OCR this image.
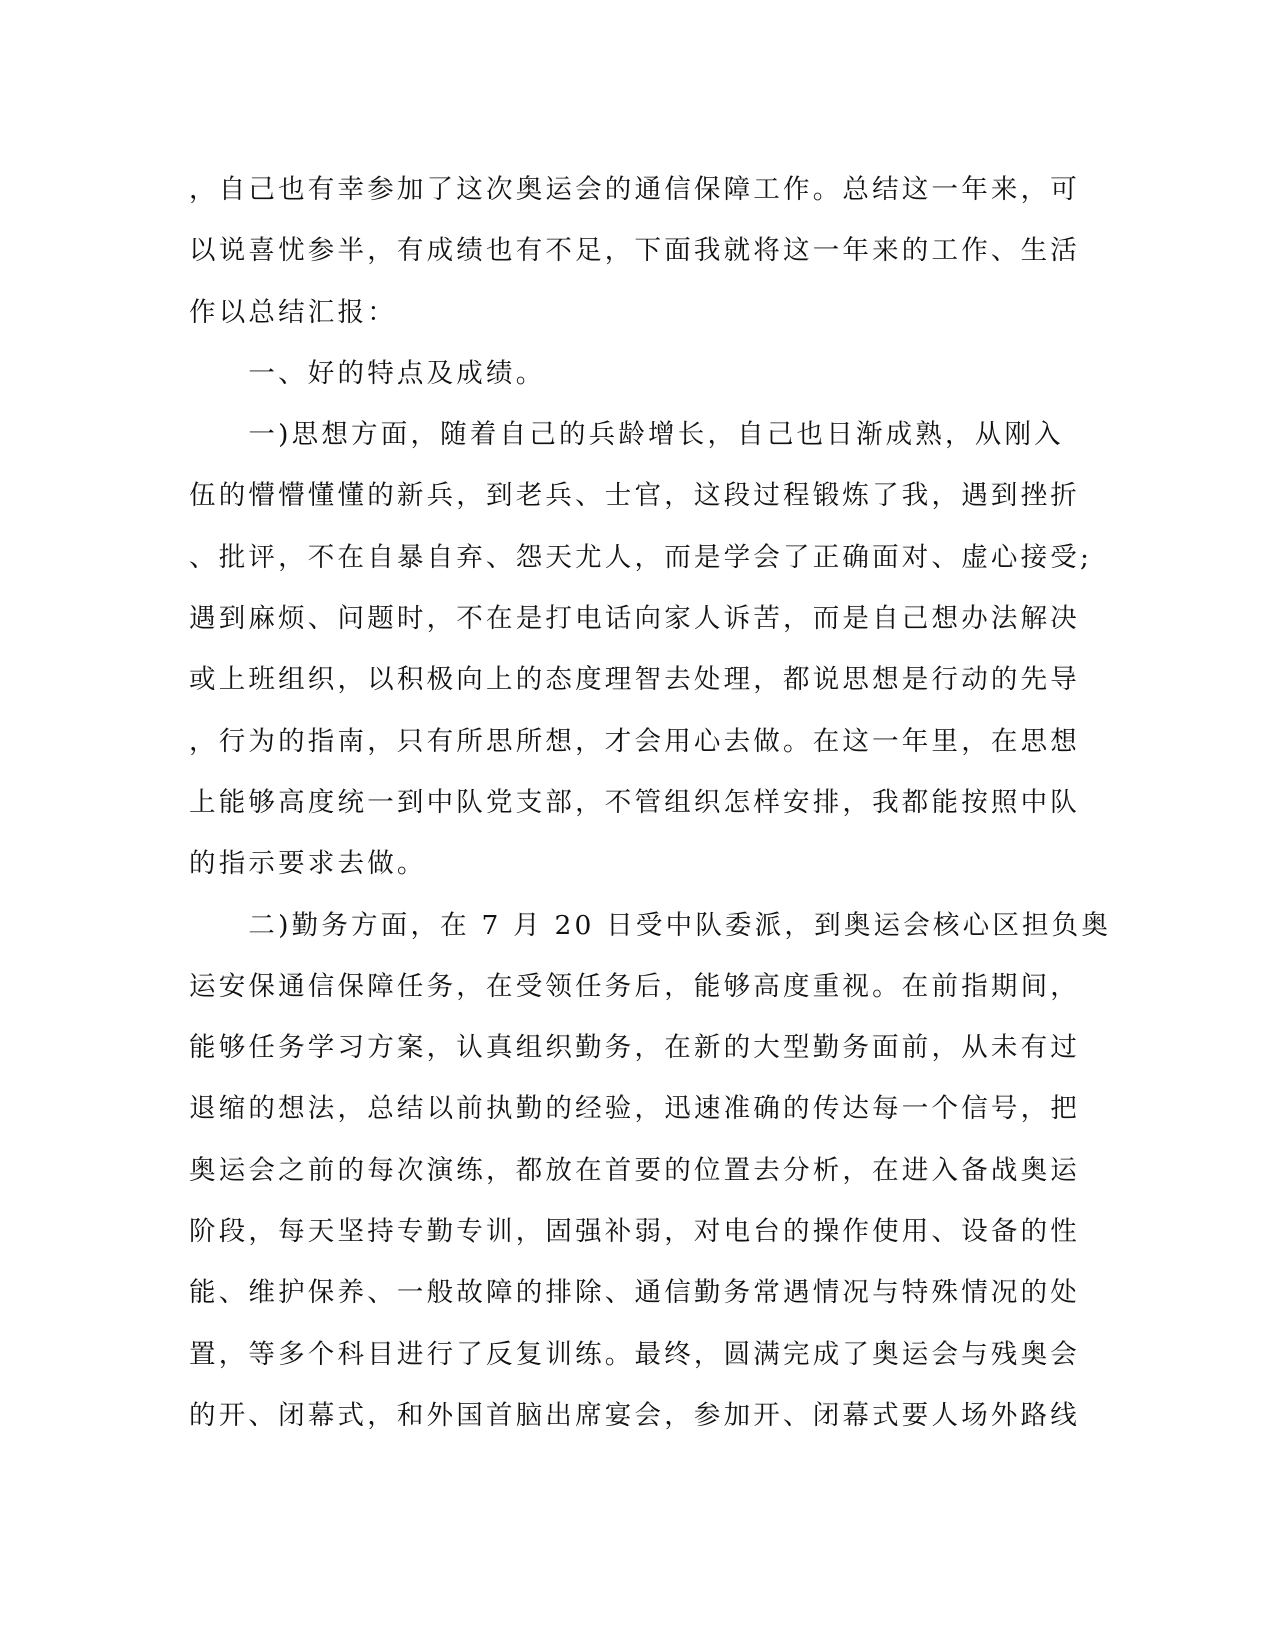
，自己也有幸参加了这次奥运会的通信保障工作。总结这一年来，可
以说喜忧参半，有成绩也有不足，下面我就将这一年来的工作、生活
作以总结汇报：
　　一、好的特点及成绩。
　　一)思想方面，随着自己的兵龄增长，自己也日渐成熟，从刚入
伍的懵懵懂懂的新兵，到老兵、士官，这段过程锻炼了我，遇到挫折
、批评，不在自暴自弃、怨天尤人，而是学会了正确面对、虚心接受;
遇到麻烦、问题时，不在是打电话向家人诉苦，而是自己想办法解决
或上班组织，以积极向上的态度理智去处理，都说思想是行动的先导
，行为的指南，只有所思所想，才会用心去做。在这一年里，在思想
上能够高度统一到中队党支部，不管组织怎样安排，我都能按照中队
的指示要求去做。
　　二)勤务方面，在 7 月 20 日受中队委派，到奥运会核心区担负奥
运安保通信保障任务，在受领任务后，能够高度重视。在前指期间，
能够任务学习方案，认真组织勤务，在新的大型勤务面前，从未有过
退缩的想法，总结以前执勤的经验，迅速准确的传达每一个信号，把
奥运会之前的每次演练，都放在首要的位置去分析，在进入备战奥运
阶段，每天坚持专勤专训，固强补弱，对电台的操作使用、设备的性
能、维护保养、一般故障的排除、通信勤务常遇情况与特殊情况的处
置，等多个科目进行了反复训练。最终，圆满完成了奥运会与残奥会
的开、闭幕式，和外国首脑出席宴会，参加开、闭幕式要人场外路线
